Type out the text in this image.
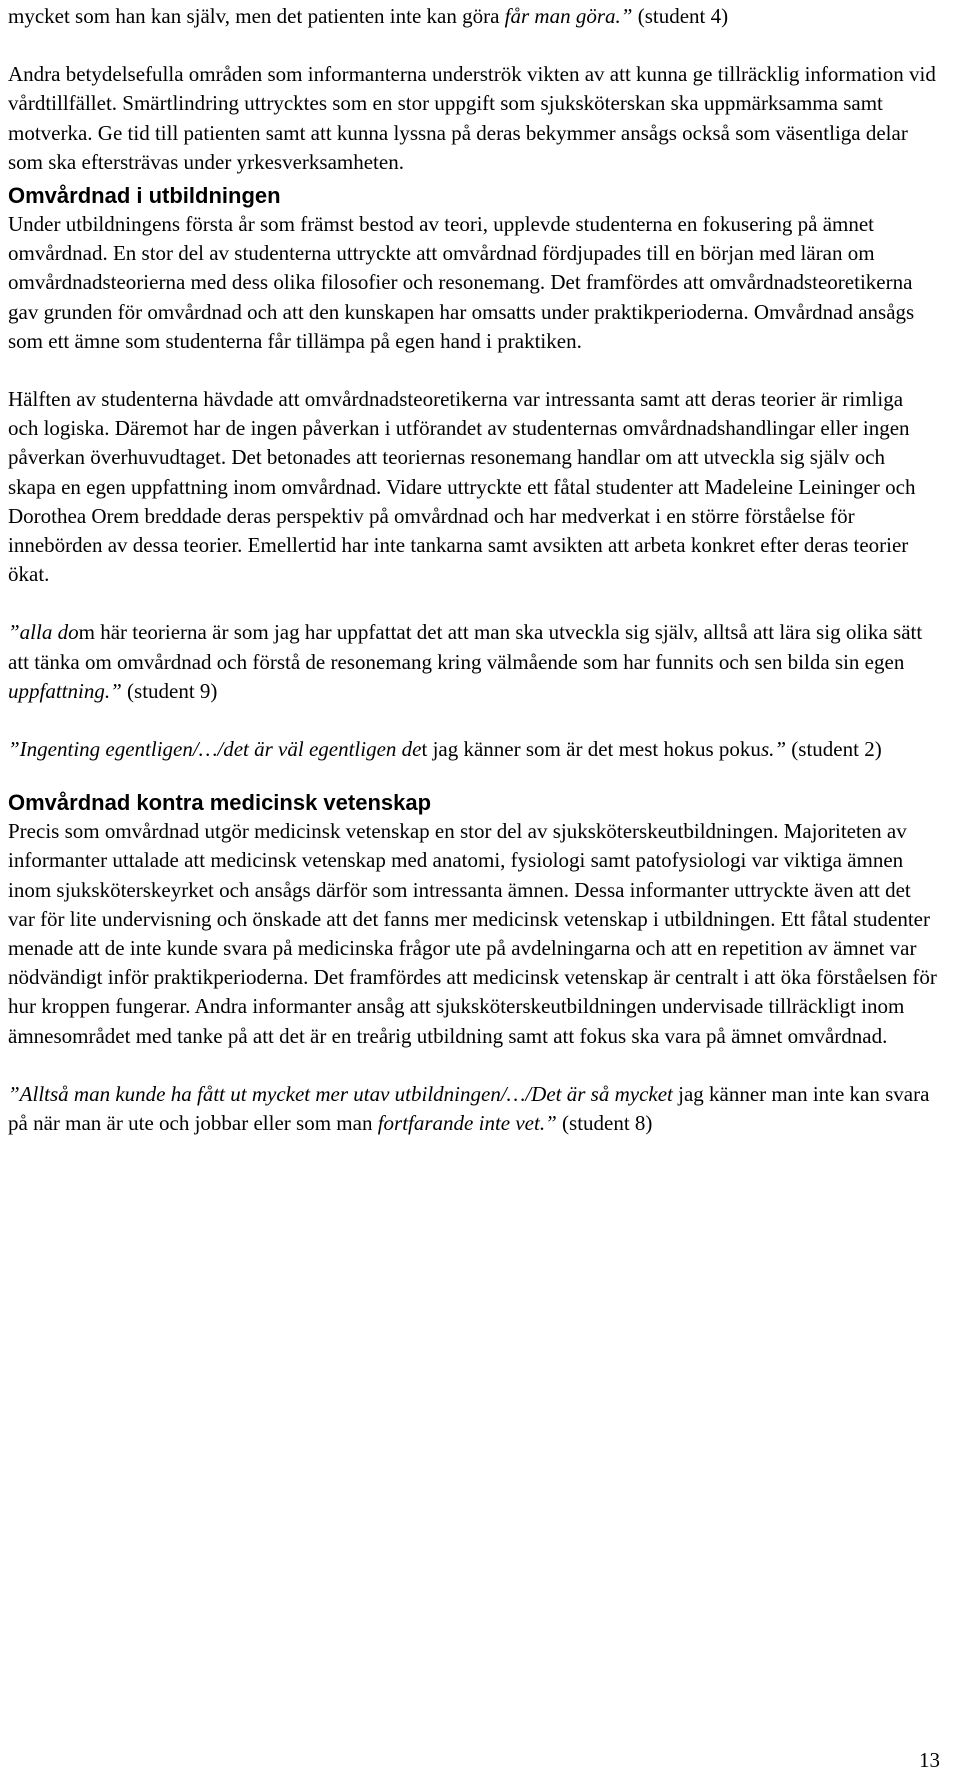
mycket som han kan själv, men det patienten inte kan göra får man göra.” (student 4)

Andra betydelsefulla områden som informanterna underströk vikten av att kunna ge tillräcklig information vid vårdtillfället. Smärtlindring uttrycktes som en stor uppgift som sjuksköterskan ska uppmärksamma samt motverka. Ge tid till patienten samt att kunna lyssna på deras bekymmer ansågs också som väsentliga delar som ska eftersträvas under yrkesverksamheten.

Omvårdnad i utbildningen

Under utbildningens första år som främst bestod av teori, upplevde studenterna en fokusering på ämnet omvårdnad. En stor del av studenterna uttryckte att omvårdnad fördjupades till en början med läran om omvårdnadsteorierna med dess olika filosofier och resonemang. Det framfördes att omvårdnadsteoretikerna gav grunden för omvårdnad och att den kunskapen har omsatts under praktikperioderna. Omvårdnad ansågs som ett ämne som studenterna får tillämpa på egen hand i praktiken.

Hälften av studenterna hävdade att omvårdnadsteoretikerna var intressanta samt att deras teorier är rimliga och logiska. Däremot har de ingen påverkan i utförandet av studenternas omvårdnadshandlingar eller ingen påverkan överhuvudtaget. Det betonades att teoriernas resonemang handlar om att utveckla sig själv och skapa en egen uppfattning inom omvårdnad. Vidare uttryckte ett fåtal studenter att Madeleine Leininger och Dorothea Orem breddade deras perspektiv på omvårdnad och har medverkat i en större förståelse för innebörden av dessa teorier. Emellertid har inte tankarna samt avsikten att arbeta konkret efter deras teorier ökat.

”alla dom här teorierna är som jag har uppfattat det att man ska utveckla sig själv, alltså att lära sig olika sätt att tänka om omvårdnad och förstå de resonemang kring välmående som har funnits och sen bilda sin egen uppfattning.” (student 9)

”Ingenting egentligen/…/det är väl egentligen det jag känner som är det mest hokus pokus.” (student 2)

Omvårdnad kontra medicinsk vetenskap

Precis som omvårdnad utgör medicinsk vetenskap en stor del av sjuksköterskeutbildningen. Majoriteten av informanter uttalade att medicinsk vetenskap med anatomi, fysiologi samt patofysiologi var viktiga ämnen inom sjuksköterskeyrket och ansågs därför som intressanta ämnen. Dessa informanter uttryckte även att det var för lite undervisning och önskade att det fanns mer medicinsk vetenskap i utbildningen. Ett fåtal studenter menade att de inte kunde svara på medicinska frågor ute på avdelningarna och att en repetition av ämnet var nödvändigt inför praktikperioderna. Det framfördes att medicinsk vetenskap är centralt i att öka förståelsen för hur kroppen fungerar. Andra informanter ansåg att sjuksköterskeutbildningen undervisade tillräckligt inom ämnesområdet med tanke på att det är en treårig utbildning samt att fokus ska vara på ämnet omvårdnad.

”Alltså man kunde ha fått ut mycket mer utav utbildningen/…/Det är så mycket jag känner man inte kan svara på när man är ute och jobbar eller som man fortfarande inte vet.” (student 8)

13
